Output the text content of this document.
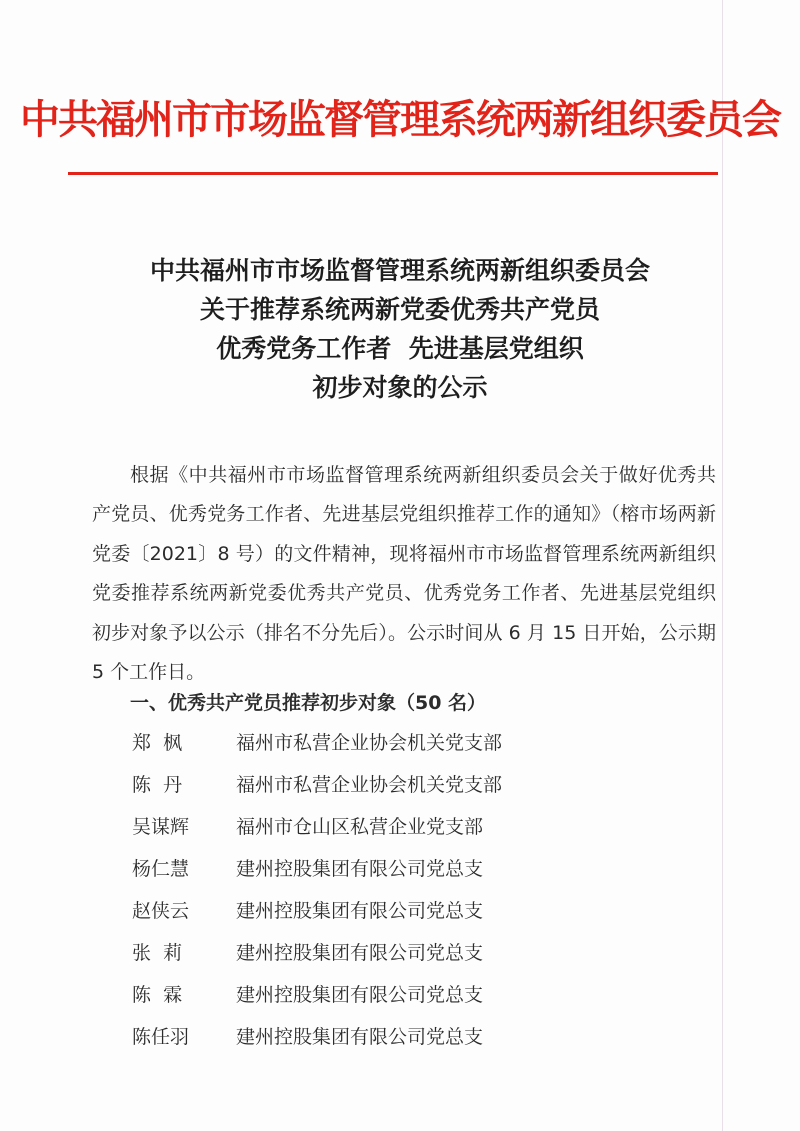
中共福州市市场监督管理系统两新组织委员会
中共福州市市场监督管理系统两新组织委员会
关于推荐系统两新党委优秀共产党员
优秀党务工作者  先进基层党组织
初步对象的公示

根据《中共福州市市场监督管理系统两新组织委员会关于做好优秀共产党员、优秀党务工作者、先进基层党组织推荐工作的通知》（榕市场两新党委〔2021〕8 号）的文件精神，现将福州市市场监督管理系统两新组织党委推荐系统两新党委优秀共产党员、优秀党务工作者、先进基层党组织初步对象予以公示（排名不分先后）。公示时间从 6 月 15 日开始，公示期 5 个工作日。

一、优秀共产党员推荐初步对象（50 名）
郑  枫	福州市私营企业协会机关党支部
陈  丹	福州市私营企业协会机关党支部
吴谋辉	福州市仓山区私营企业党支部
杨仁慧	建州控股集团有限公司党总支
赵侠云	建州控股集团有限公司党总支
张  莉	建州控股集团有限公司党总支
陈  霖	建州控股集团有限公司党总支
陈任羽	建州控股集团有限公司党总支
